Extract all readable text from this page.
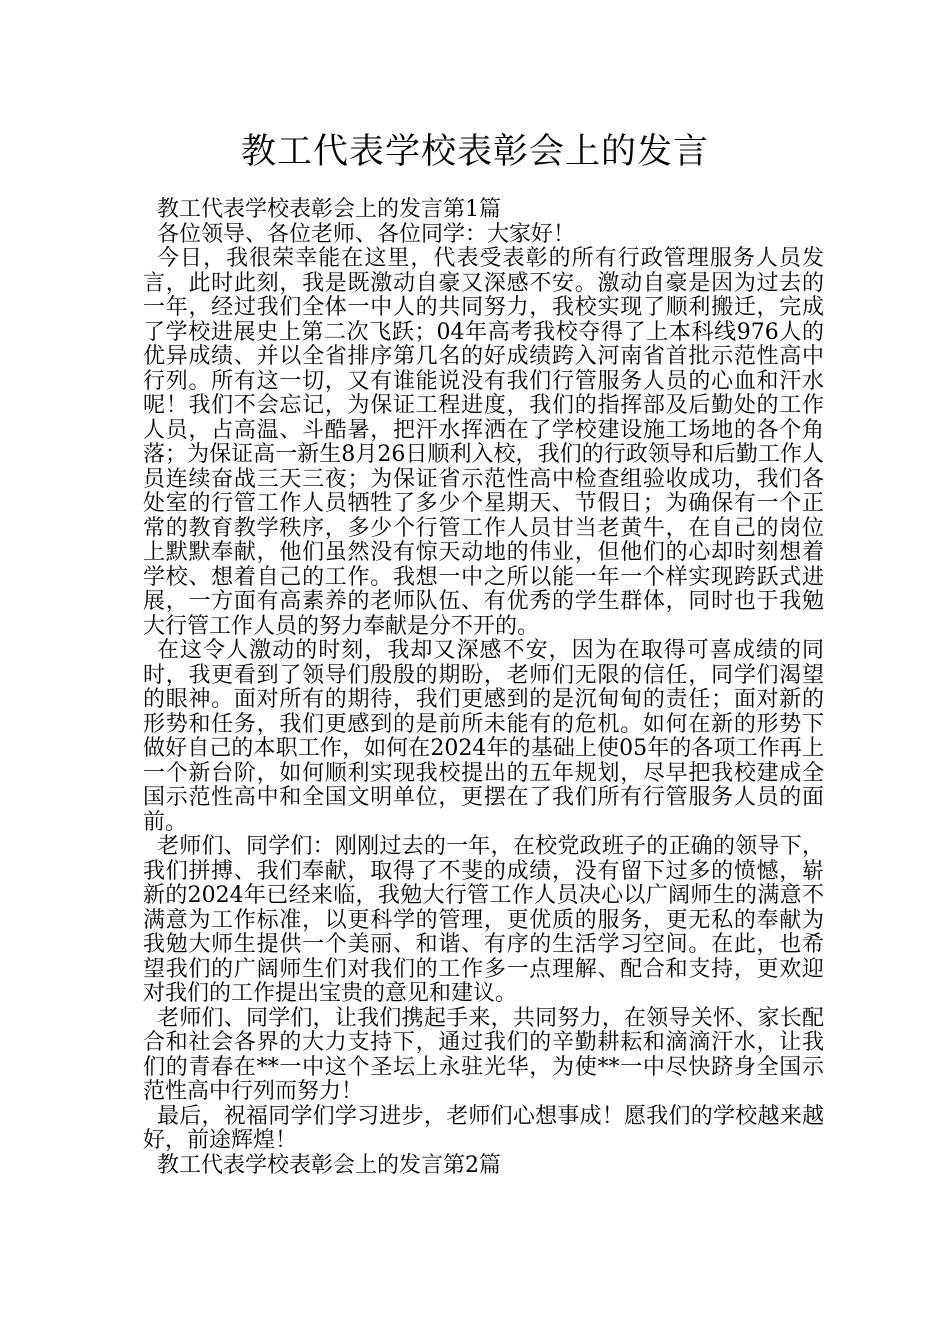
教工代表学校表彰会上的发言

教工代表学校表彰会上的发言第1篇

各位领导、各位老师、各位同学：大家好！

今日，我很荣幸能在这里，代表受表彰的所有行政管理服务人员发言，此时此刻，我是既激动自豪又深感不安。激动自豪是因为过去的一年，经过我们全体一中人的共同努力，我校实现了顺利搬迁，完成了学校进展史上第二次飞跃；04年高考我校夺得了上本科线976人的优异成绩、并以全省排序第几名的好成绩跨入河南省首批示范性高中行列。所有这一切，又有谁能说没有我们行管服务人员的心血和汗水呢！我们不会忘记，为保证工程进度，我们的指挥部及后勤处的工作人员，占高温、斗酷暑，把汗水挥洒在了学校建设施工场地的各个角落；为保证高一新生8月26日顺利入校，我们的行政领导和后勤工作人员连续奋战三天三夜；为保证省示范性高中检查组验收成功，我们各处室的行管工作人员牺牲了多少个星期天、节假日；为确保有一个正常的教育教学秩序，多少个行管工作人员甘当老黄牛，在自己的岗位上默默奉献，他们虽然没有惊天动地的伟业，但他们的心却时刻想着学校、想着自己的工作。我想一中之所以能一年一个样实现跨跃式进展，一方面有高素养的老师队伍、有优秀的学生群体，同时也于我勉大行管工作人员的努力奉献是分不开的。

在这令人激动的时刻，我却又深感不安，因为在取得可喜成绩的同时，我更看到了领导们殷殷的期盼，老师们无限的信任，同学们渴望的眼神。面对所有的期待，我们更感到的是沉甸甸的责任；面对新的形势和任务，我们更感到的是前所未能有的危机。如何在新的形势下做好自己的本职工作，如何在2024年的基础上使05年的各项工作再上一个新台阶，如何顺利实现我校提出的五年规划，尽早把我校建成全国示范性高中和全国文明单位，更摆在了我们所有行管服务人员的面前。

老师们、同学们：刚刚过去的一年，在校党政班子的正确的领导下，我们拼搏、我们奉献，取得了不斐的成绩，没有留下过多的愤憾，崭新的2024年已经来临，我勉大行管工作人员决心以广阔师生的满意不满意为工作标准，以更科学的管理，更优质的服务，更无私的奉献为我勉大师生提供一个美丽、和谐、有序的生活学习空间。在此，也希望我们的广阔师生们对我们的工作多一点理解、配合和支持，更欢迎对我们的工作提出宝贵的意见和建议。

老师们、同学们，让我们携起手来，共同努力，在领导关怀、家长配合和社会各界的大力支持下，通过我们的辛勤耕耘和滴滴汗水，让我们的青春在**一中这个圣坛上永驻光华，为使**一中尽快跻身全国示范性高中行列而努力！

最后，祝福同学们学习进步，老师们心想事成！愿我们的学校越来越好，前途辉煌！

教工代表学校表彰会上的发言第2篇
